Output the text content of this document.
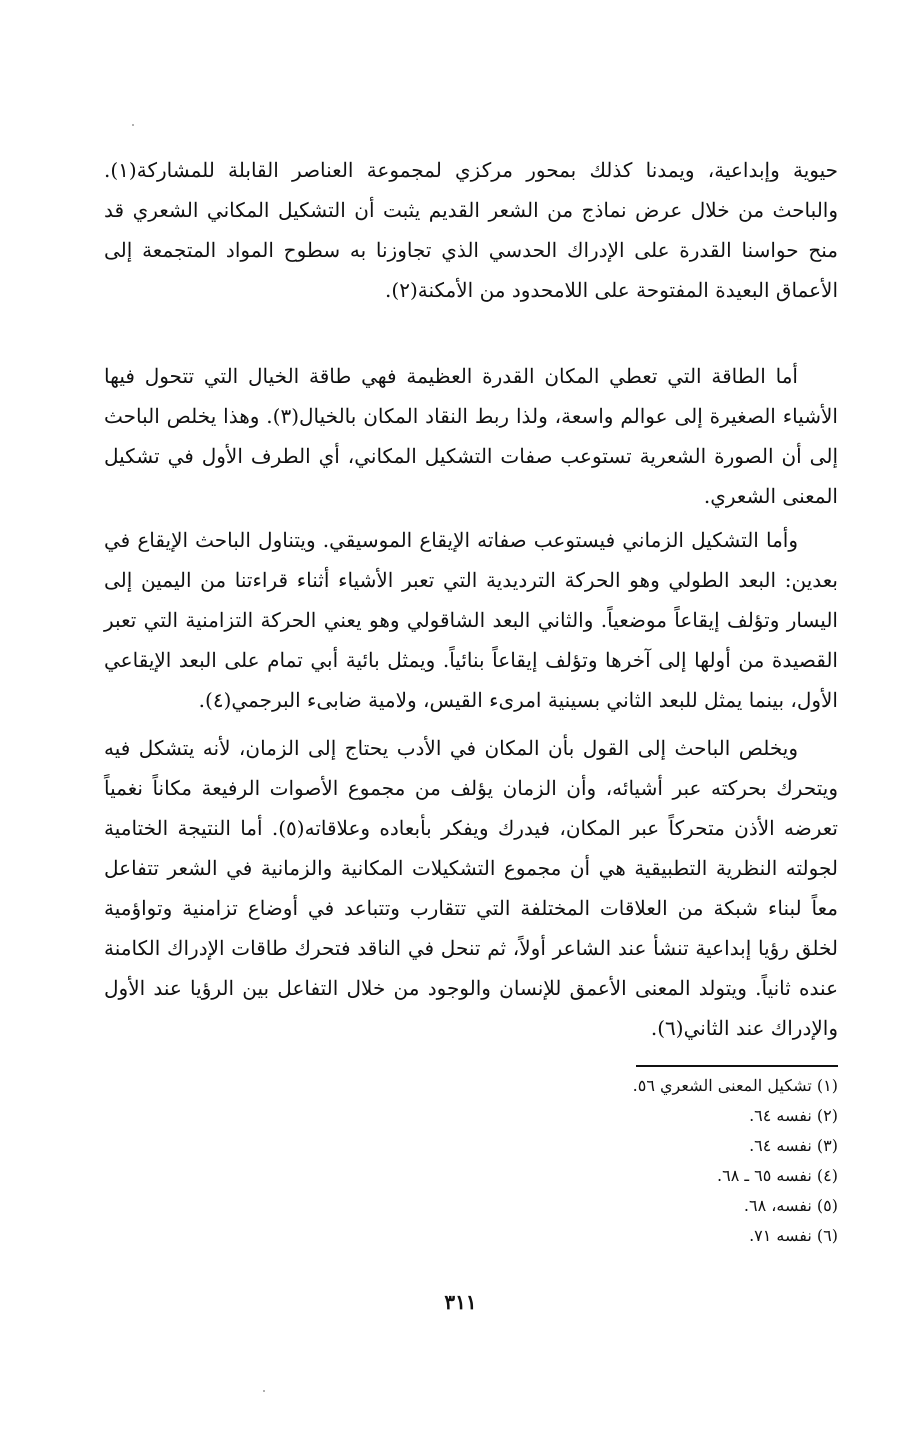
حيوية وإبداعية، ويمدنا كذلك بمحور مركزي لمجموعة العناصر القابلة للمشاركة(١). والباحث من خلال عرض نماذج من الشعر القديم يثبت أن التشكيل المكاني الشعري قد منح حواسنا القدرة على الإدراك الحدسي الذي تجاوزنا به سطوح المواد المتجمعة إلى الأعماق البعيدة المفتوحة على اللامحدود من الأمكنة(٢).

أما الطاقة التي تعطي المكان القدرة العظيمة فهي طاقة الخيال التي تتحول فيها الأشياء الصغيرة إلى عوالم واسعة، ولذا ربط النقاد المكان بالخيال(٣). وهذا يخلص الباحث إلى أن الصورة الشعرية تستوعب صفات التشكيل المكاني، أي الطرف الأول في تشكيل المعنى الشعري.

وأما التشكيل الزماني فيستوعب صفاته الإيقاع الموسيقي. ويتناول الباحث الإيقاع في بعدين: البعد الطولي وهو الحركة الترديدية التي تعبر الأشياء أثناء قراءتنا من اليمين إلى اليسار وتؤلف إيقاعاً موضعياً. والثاني البعد الشاقولي وهو يعني الحركة التزامنية التي تعبر القصيدة من أولها إلى آخرها وتؤلف إيقاعاً بنائياً. ويمثل بائية أبي تمام على البعد الإيقاعي الأول، بينما يمثل للبعد الثاني بسينية امرىء القيس، ولامية ضابىء البرجمي(٤).

ويخلص الباحث إلى القول بأن المكان في الأدب يحتاج إلى الزمان، لأنه يتشكل فيه ويتحرك بحركته عبر أشيائه، وأن الزمان يؤلف من مجموع الأصوات الرفيعة مكاناً نغمياً تعرضه الأذن متحركاً عبر المكان، فيدرك ويفكر بأبعاده وعلاقاته(٥). أما النتيجة الختامية لجولته النظرية التطبيقية هي أن مجموع التشكيلات المكانية والزمانية في الشعر تتفاعل معاً لبناء شبكة من العلاقات المختلفة التي تتقارب وتتباعد في أوضاع تزامنية وتواؤمية لخلق رؤيا إبداعية تنشأ عند الشاعر أولاً، ثم تنحل في الناقد فتحرك طاقات الإدراك الكامنة عنده ثانياً. ويتولد المعنى الأعمق للإنسان والوجود من خلال التفاعل بين الرؤيا عند الأول والإدراك عند الثاني(٦).

(١) تشكيل المعنى الشعري ٥٦.
(٢) نفسه ٦٤.
(٣) نفسه ٦٤.
(٤) نفسه ٦٥ ـ ٦٨.
(٥) نفسه، ٦٨.
(٦) نفسه ٧١.
٣١١
